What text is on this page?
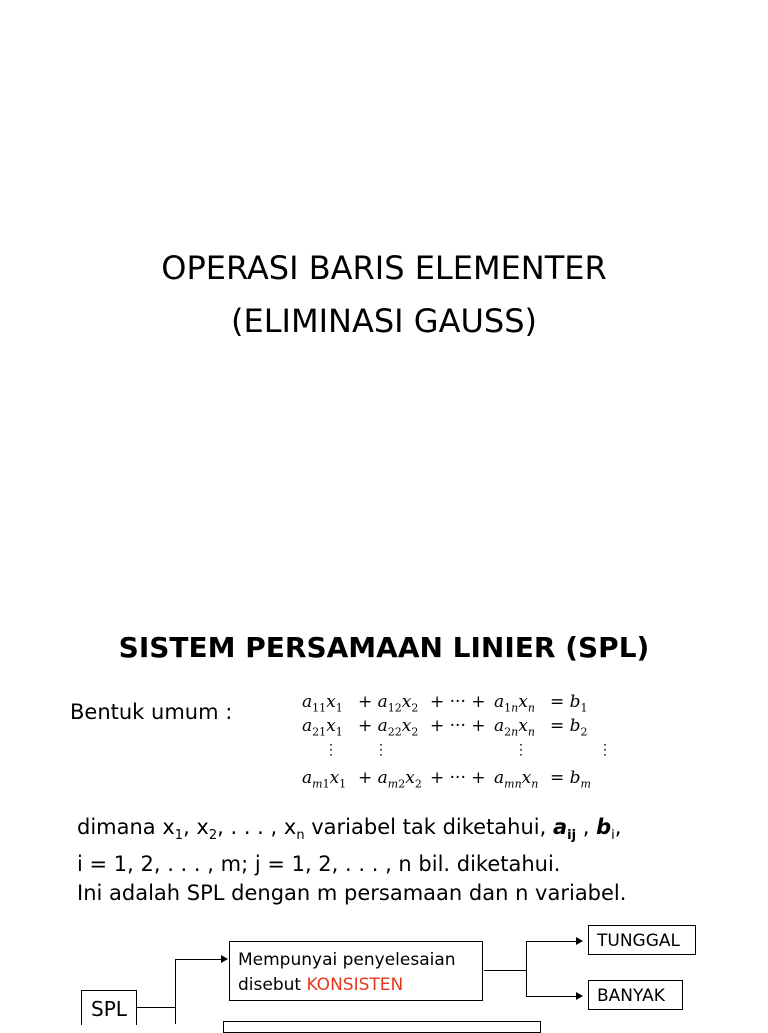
OPERASI BARIS ELEMENTER
(ELIMINASI GAUSS)
SISTEM PERSAMAAN LINIER (SPL)
Bentuk umum :	$a_{11}x_1 + a_{12}x_2$ + ··· + $a_{1n}x_n = b_1$
$a_{21}x_1 + a_{22}x_2$ + ··· + $a_{2n}x_n = b_2$
⋮	⋮	⋮	⋮
$a_{m1}x_1 + a_{m2}x_2$ + ··· + $a_{mn}x_n = b_m$
dimana $x_1$, $x_2$, . . . , $x_n$ variabel tak diketahui, $a_{ij}$ , $b_i$,
i = 1, 2, . . . , m; j = 1, 2, . . . , n bil. diketahui.
Ini adalah SPL dengan m persamaan dan n variabel.
SPL
Mempunyai penyelesaian
disebut KONSISTEN
TUNGGAL
BANYAK
